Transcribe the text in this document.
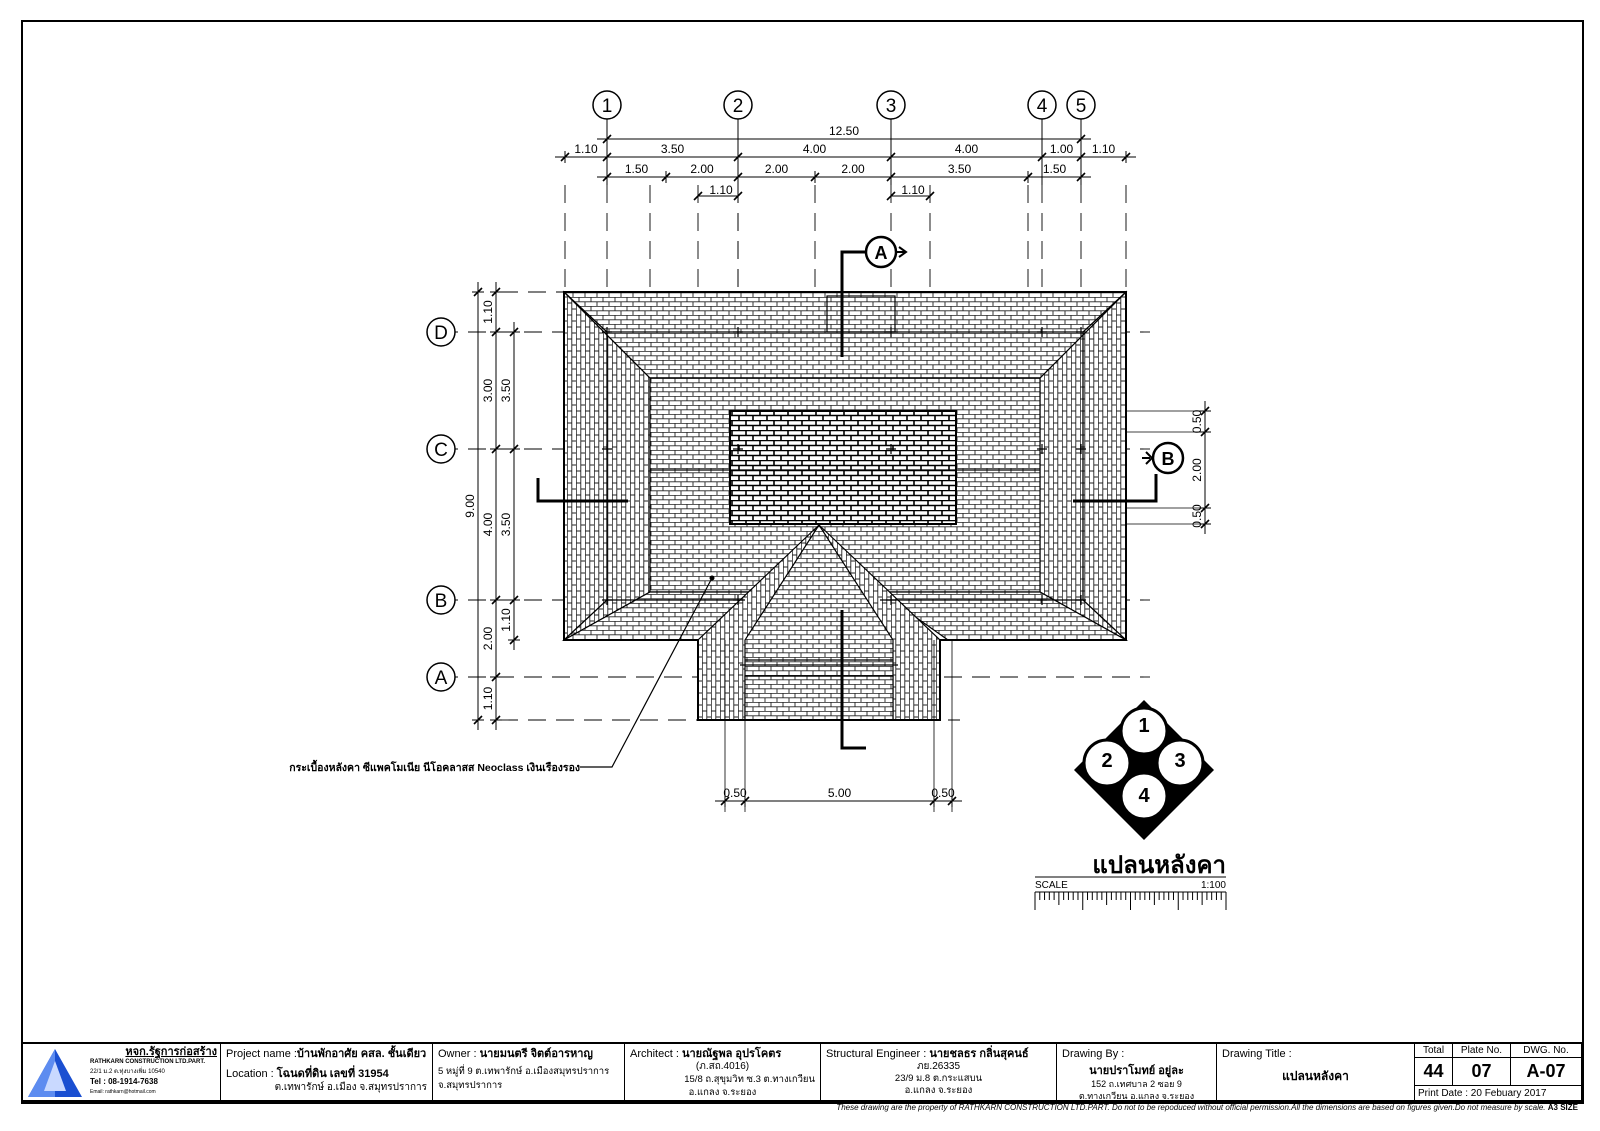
12.50
1.10	3.50	4.00	4.00	1.00 1.10
1.50	2.00	2.00	2.00	3.50	1.50
1.10	1.10
9.00
1.10
3.00
4.00
2.00
1.10
3.50
3.50
1.10
0.50
2.00
0.50
0.50	5.00	0.50
1	2	3	4 5
D
C
B
A
A
B
กระเบื้องหลังคา ซีแพคโมเนีย นีโอคลาสส Neoclass เงินเรืองรอง
1
2	3
4
แปลนหลังคา
SCALE	1:100
หจก.รัฐการก่อสร้าง
RATHKARN CONSTRUCTION LTD.PART.
22/1 ม.2 ต.ทุ่งบางเพิ่ม 10540
Tel : 08-1914-7638
Email: rathkarn@hotmail.com
Project name :บ้านพักอาศัย คสล. ชั้นเดียว
Location : โฉนดที่ดิน เลขที่ 31954
ต.เทพารักษ์ อ.เมือง จ.สมุทรปราการ
Owner : นายมนตรี จิตต์อารหาญ
5 หมู่ที่ 9 ต.เทพารักษ์ อ.เมืองสมุทรปราการ
จ.สมุทรปราการ
Architect : นายณัฐพล อุปรโคตร
(ภ.สถ.4016)
15/8 ถ.สุขุมวิท ซ.3 ต.ทางเกวียน
อ.แกลง จ.ระยอง
Structural Engineer : นายชลธร กลิ่นสุคนธ์
ภย.26335
23/9 ม.8 ต.กระแสบน
อ.แกลง จ.ระยอง
Drawing By :
นายปราโมทย์ อยู่ละ
152 ถ.เทศบาล 2 ซอย 9
ต.ทางเกวียน อ.แกลง จ.ระยอง
Drawing Title :
แปลนหลังคา
Total	Plate No.	DWG. No.
44	07	A-07
Print Date : 20 Febuary 2017
These drawing are the property of RATHKARN CONSTRUCTION LTD.PART. Do not to be repoduced without official permission.All the dimensions are based on figures given.Do not measure by scale. A3 SIZE
